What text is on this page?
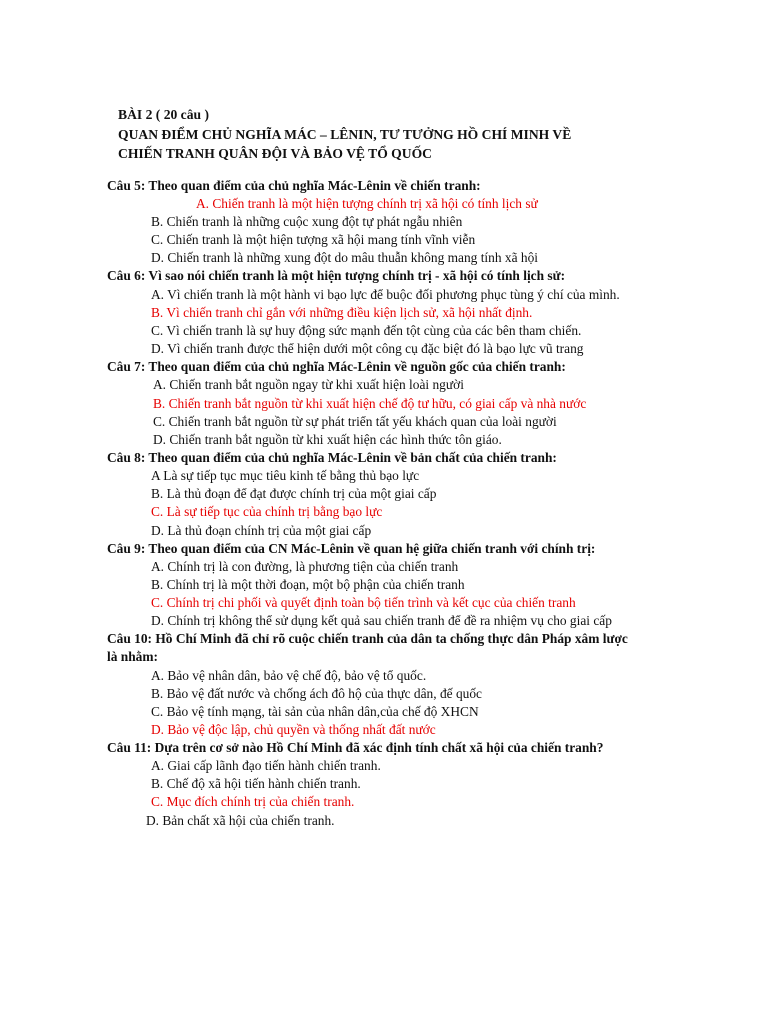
BÀI 2 ( 20 câu )
QUAN ĐIỂM CHỦ NGHĨA MÁC – LÊNIN, TƯ TƯỞNG HỒ CHÍ MINH VỀ
CHIẾN TRANH QUÂN ĐỘI VÀ BẢO VỆ TỔ QUỐC
Câu 5: Theo quan điểm của chủ nghĩa Mác-Lênin về chiến tranh:
A. Chiến tranh là một hiện tượng chính trị xã hội có tính lịch sử
B. Chiến tranh là những cuộc xung đột tự phát ngẫu nhiên
C. Chiến tranh là một hiện tượng xã hội mang tính vĩnh viễn
D. Chiến tranh là những xung đột do mâu thuẫn không mang tính xã hội
Câu 6: Vì sao nói chiến tranh là một hiện tượng chính trị - xã hội có tính lịch sử:
A. Vì chiến tranh là một hành vi bạo lực để buộc đối phương phục tùng ý chí của mình.
B. Vì chiến tranh chỉ gắn với những điều kiện lịch sử, xã hội nhất định.
C. Vì chiến tranh là sự huy động sức mạnh đến tột cùng của các bên tham chiến.
D. Vì chiến tranh được thể hiện dưới một công cụ đặc biệt đó là bạo lực vũ trang
Câu 7: Theo quan điểm của chủ nghĩa Mác-Lênin về nguồn gốc của chiến tranh:
A. Chiến tranh bắt nguồn ngay từ khi xuất hiện loài người
B. Chiến tranh bắt nguồn từ khi xuất hiện chế độ tư hữu, có giai cấp và nhà nước
C. Chiến tranh bắt nguồn từ sự phát triển tất yếu khách quan của loài người
D. Chiến tranh bắt nguồn từ khi xuất hiện các hình thức tôn giáo.
Câu 8: Theo quan điểm của chủ nghĩa Mác-Lênin về bản chất của chiến tranh:
A Là sự tiếp tục mục tiêu kinh tế bằng thủ bạo lực
B. Là thủ đoạn để đạt được chính trị của một giai cấp
C. Là sự tiếp tục của chính trị bằng bạo lực
D. Là thủ đoạn chính trị của một giai cấp
Câu 9: Theo quan điểm của CN Mác-Lênin về quan hệ giữa chiến tranh với chính trị:
A. Chính trị là con đường, là phương tiện của chiến tranh
B. Chính trị là một thời đoạn, một bộ phận của chiến tranh
C. Chính trị chi phối và quyết định toàn bộ tiến trình và kết cục của chiến tranh
D. Chính trị không thể sử dụng kết quả sau chiến tranh để đề ra nhiệm vụ cho giai cấp
Câu 10: Hồ Chí Minh đã chỉ rõ cuộc chiến tranh của dân ta chống thực dân Pháp xâm lược
là nhằm:
A. Bảo vệ nhân dân, bảo vệ chế độ, bảo vệ tổ quốc.
B. Bảo vệ đất nước và chống ách đô hộ của thực dân, đế quốc
C. Bảo vệ tính mạng, tài sản của nhân dân,của chế độ XHCN
D. Bảo vệ độc lập, chủ quyền và thống nhất đất nước
Câu 11: Dựa trên cơ sở nào Hồ Chí Minh đã xác định tính chất xã hội của chiến tranh?
A. Giai cấp lãnh đạo tiến hành chiến tranh.
B. Chế độ xã hội tiến hành chiến tranh.
C. Mục đích chính trị của chiến tranh.
D. Bản chất xã hội của chiến tranh.
